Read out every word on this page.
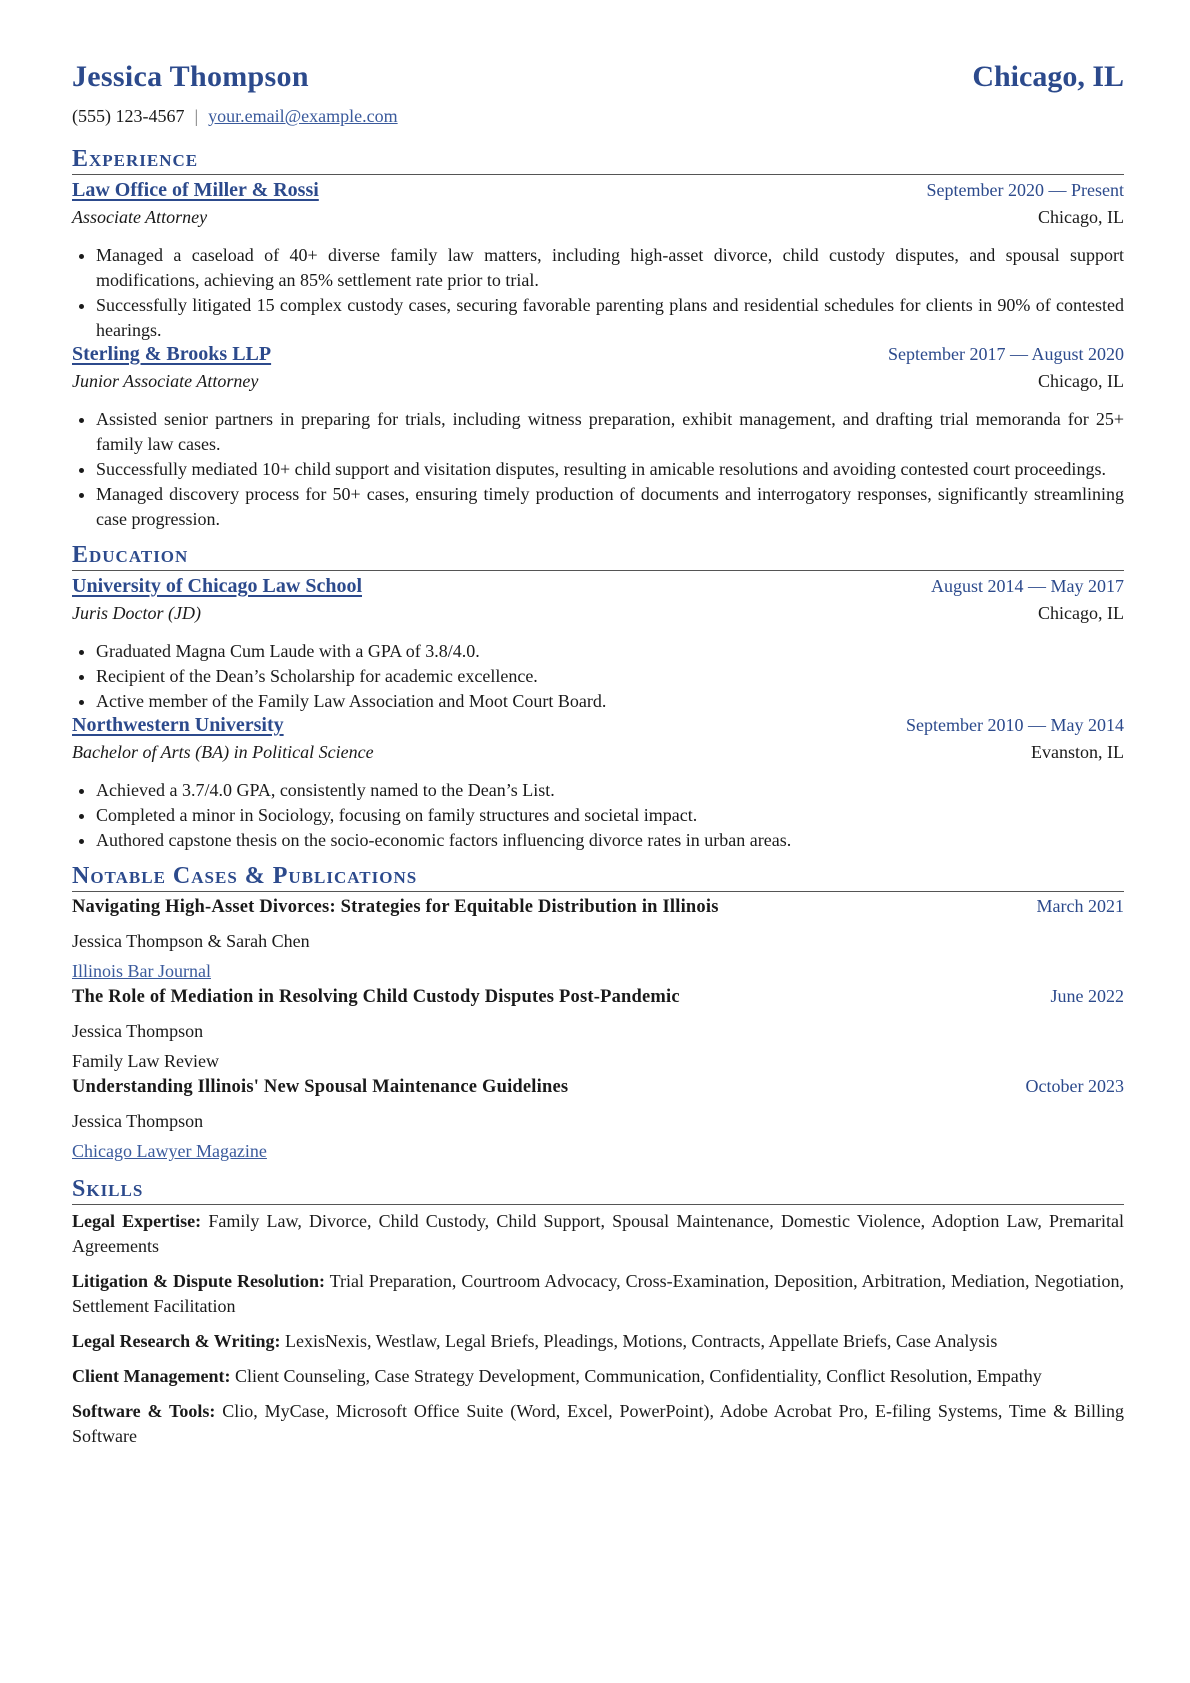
Jessica Thompson	Chicago, IL
(555) 123-4567 | your.email@example.com
Experience
Law Office of Miller & Rossi	September 2020 — Present
Associate Attorney	Chicago, IL
• Managed a caseload of 40+ diverse family law matters, including high-asset divorce, child custody disputes, and spousal support modifications, achieving an 85% settlement rate prior to trial.
• Successfully litigated 15 complex custody cases, securing favorable parenting plans and residential schedules for clients in 90% of contested hearings.
Sterling & Brooks LLP	September 2017 — August 2020
Junior Associate Attorney	Chicago, IL
• Assisted senior partners in preparing for trials, including witness preparation, exhibit management, and drafting trial memoranda for 25+ family law cases.
• Successfully mediated 10+ child support and visitation disputes, resulting in amicable resolutions and avoiding contested court proceedings.
• Managed discovery process for 50+ cases, ensuring timely production of documents and interrogatory responses, significantly streamlining case progression.
Education
University of Chicago Law School	August 2014 — May 2017
Juris Doctor (JD)	Chicago, IL
• Graduated Magna Cum Laude with a GPA of 3.8/4.0.
• Recipient of the Dean’s Scholarship for academic excellence.
• Active member of the Family Law Association and Moot Court Board.
Northwestern University	September 2010 — May 2014
Bachelor of Arts (BA) in Political Science	Evanston, IL
• Achieved a 3.7/4.0 GPA, consistently named to the Dean’s List.
• Completed a minor in Sociology, focusing on family structures and societal impact.
• Authored capstone thesis on the socio-economic factors influencing divorce rates in urban areas.
Notable Cases & Publications
Navigating High-Asset Divorces: Strategies for Equitable Distribution in Illinois	March 2021
Jessica Thompson & Sarah Chen
Illinois Bar Journal
The Role of Mediation in Resolving Child Custody Disputes Post-Pandemic	June 2022
Jessica Thompson
Family Law Review
Understanding Illinois' New Spousal Maintenance Guidelines	October 2023
Jessica Thompson
Chicago Lawyer Magazine
Skills
Legal Expertise: Family Law, Divorce, Child Custody, Child Support, Spousal Maintenance, Domestic Violence, Adoption Law, Premarital Agreements
Litigation & Dispute Resolution: Trial Preparation, Courtroom Advocacy, Cross-Examination, Deposition, Arbitration, Mediation, Negotiation, Settlement Facilitation
Legal Research & Writing: LexisNexis, Westlaw, Legal Briefs, Pleadings, Motions, Contracts, Appellate Briefs, Case Analysis
Client Management: Client Counseling, Case Strategy Development, Communication, Confidentiality, Conflict Resolution, Empathy
Software & Tools: Clio, MyCase, Microsoft Office Suite (Word, Excel, PowerPoint), Adobe Acrobat Pro, E-filing Systems, Time & Billing Software
